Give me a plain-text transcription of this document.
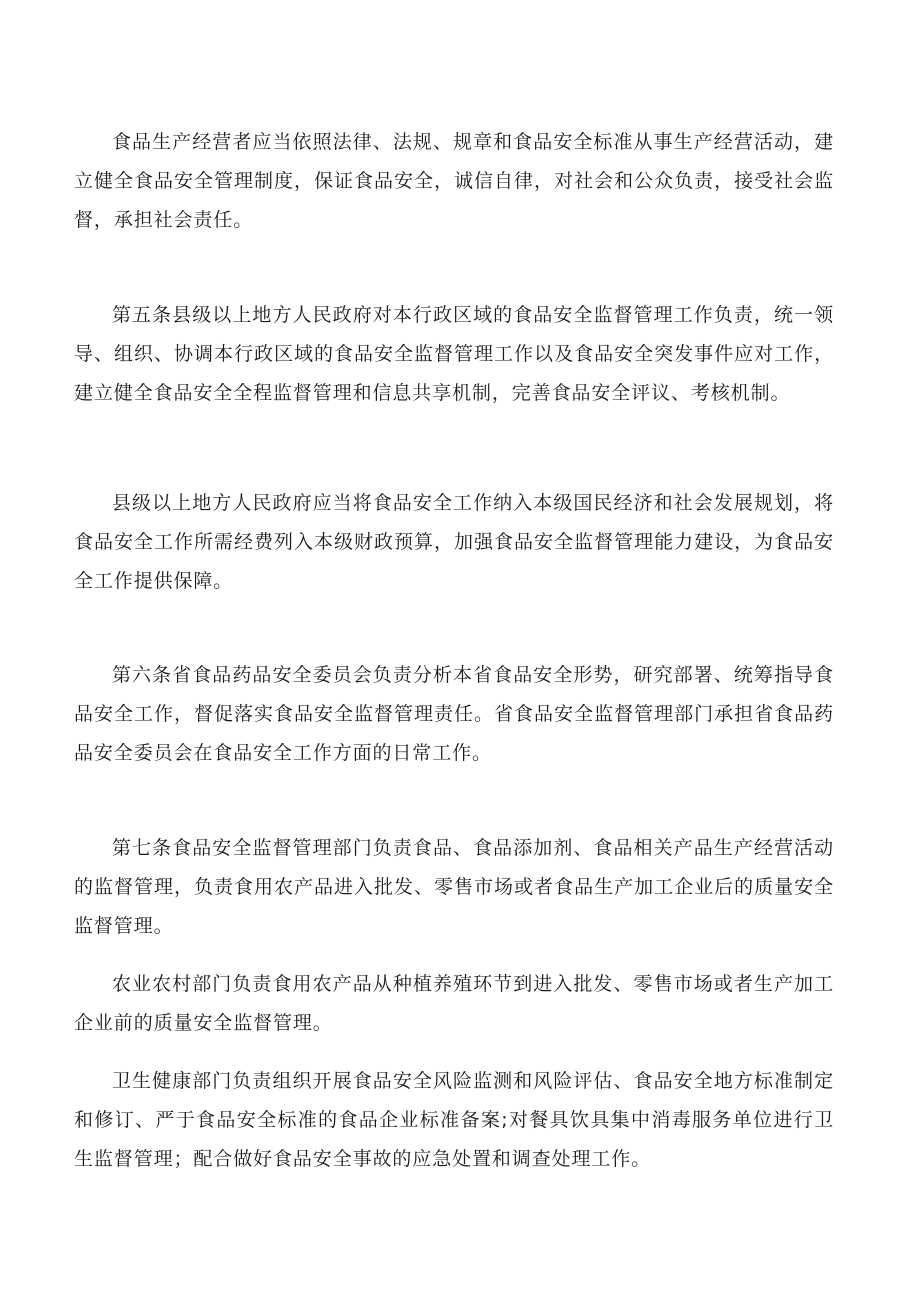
食品生产经营者应当依照法律、法规、规章和食品安全标准从事生产经营活动，建立健全食品安全管理制度，保证食品安全，诚信自律，对社会和公众负责，接受社会监督，承担社会责任。

第五条县级以上地方人民政府对本行政区域的食品安全监督管理工作负责，统一领导、组织、协调本行政区域的食品安全监督管理工作以及食品安全突发事件应对工作，建立健全食品安全全程监督管理和信息共享机制，完善食品安全评议、考核机制。

县级以上地方人民政府应当将食品安全工作纳入本级国民经济和社会发展规划，将食品安全工作所需经费列入本级财政预算，加强食品安全监督管理能力建设，为食品安全工作提供保障。

第六条省食品药品安全委员会负责分析本省食品安全形势，研究部署、统筹指导食品安全工作，督促落实食品安全监督管理责任。省食品安全监督管理部门承担省食品药品安全委员会在食品安全工作方面的日常工作。

第七条食品安全监督管理部门负责食品、食品添加剂、食品相关产品生产经营活动的监督管理，负责食用农产品进入批发、零售市场或者食品生产加工企业后的质量安全监督管理。

农业农村部门负责食用农产品从种植养殖环节到进入批发、零售市场或者生产加工企业前的质量安全监督管理。

卫生健康部门负责组织开展食品安全风险监测和风险评估、食品安全地方标准制定和修订、严于食品安全标准的食品企业标准备案;对餐具饮具集中消毒服务单位进行卫生监督管理；配合做好食品安全事故的应急处置和调查处理工作。
